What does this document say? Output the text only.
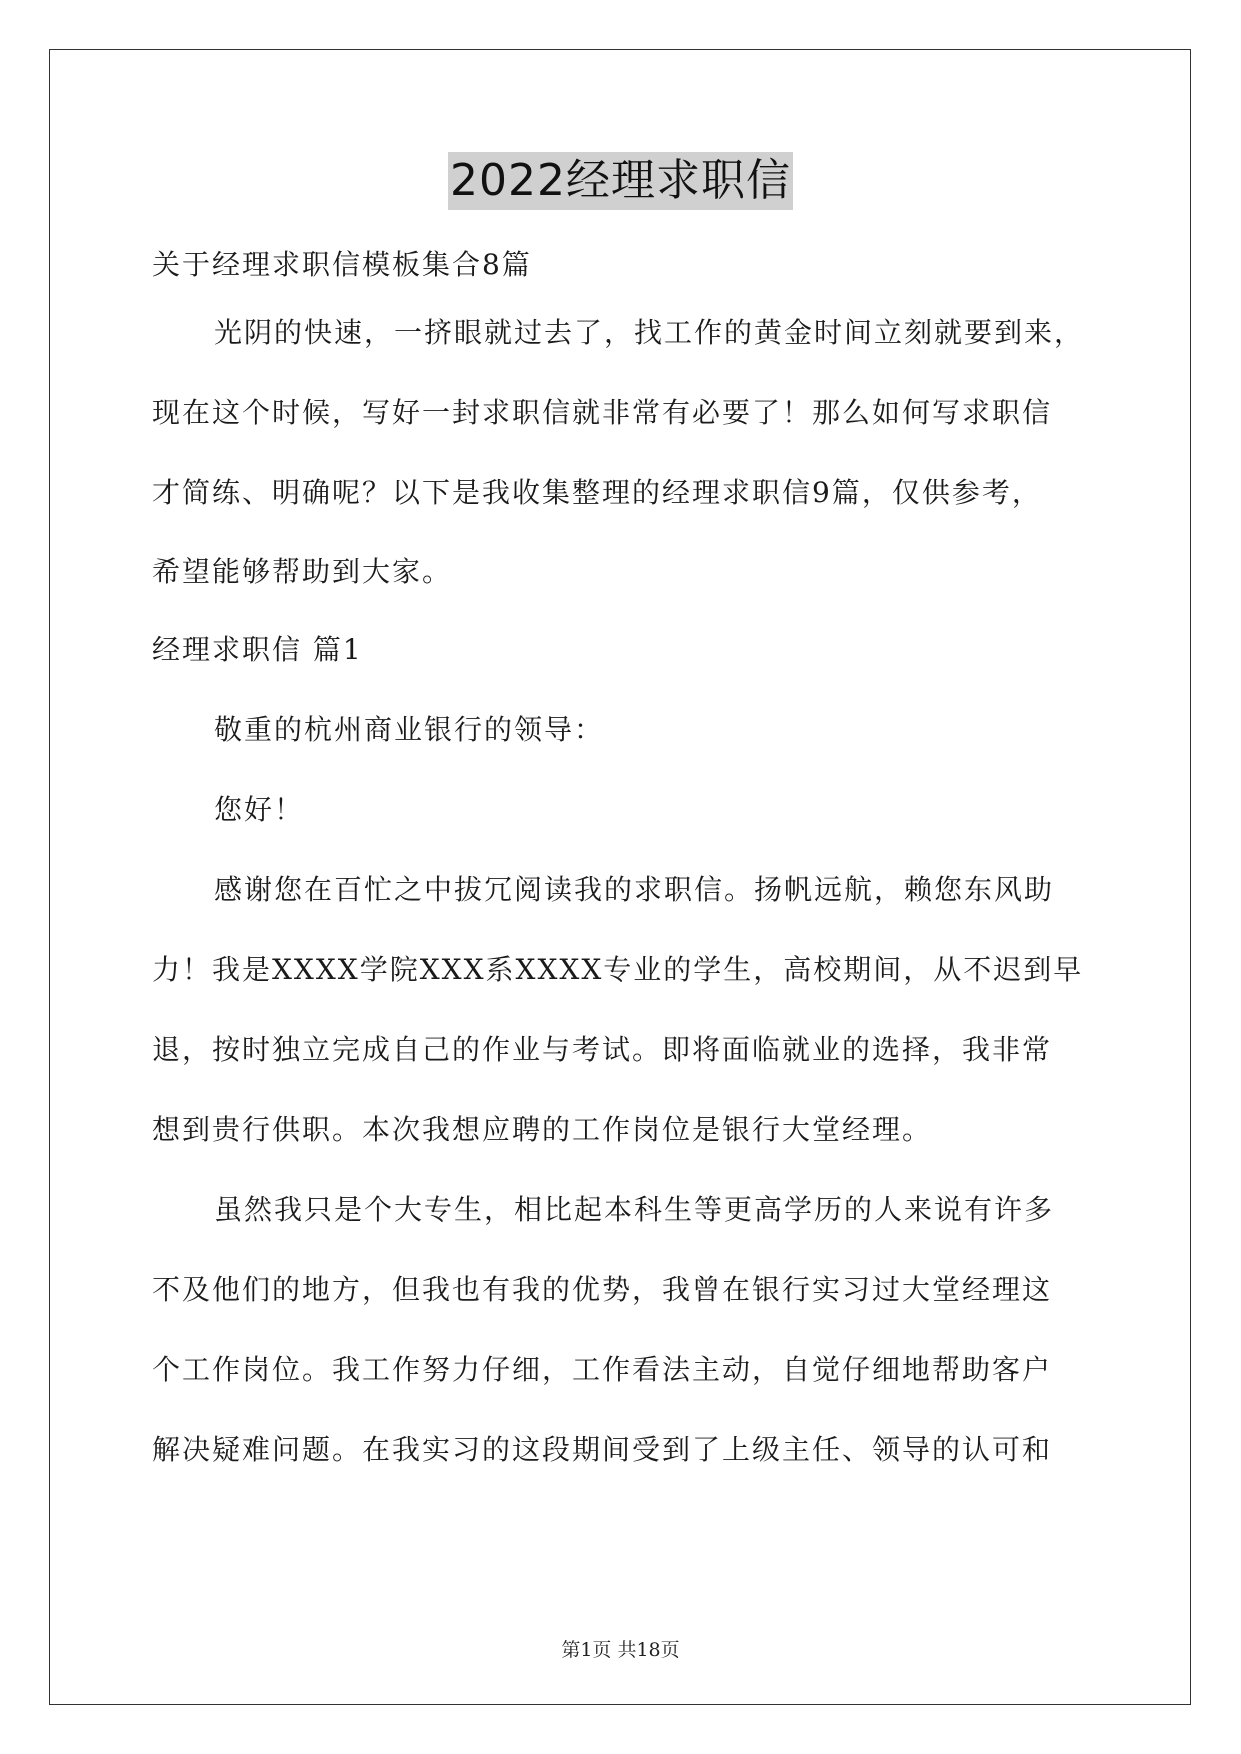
2022经理求职信
关于经理求职信模板集合8篇
光阴的快速，一挤眼就过去了，找工作的黄金时间立刻就要到来，
现在这个时候，写好一封求职信就非常有必要了！那么如何写求职信
才简练、明确呢？以下是我收集整理的经理求职信9篇，仅供参考，
希望能够帮助到大家。
经理求职信 篇1
敬重的杭州商业银行的领导：
您好！
感谢您在百忙之中拔冗阅读我的求职信。扬帆远航，赖您东风助
力！我是XXXX学院XXX系XXXX专业的学生，高校期间，从不迟到早
退，按时独立完成自己的作业与考试。即将面临就业的选择，我非常
想到贵行供职。本次我想应聘的工作岗位是银行大堂经理。
虽然我只是个大专生，相比起本科生等更高学历的人来说有许多
不及他们的地方，但我也有我的优势，我曾在银行实习过大堂经理这
个工作岗位。我工作努力仔细，工作看法主动，自觉仔细地帮助客户
解决疑难问题。在我实习的这段期间受到了上级主任、领导的认可和
第1页 共18页
